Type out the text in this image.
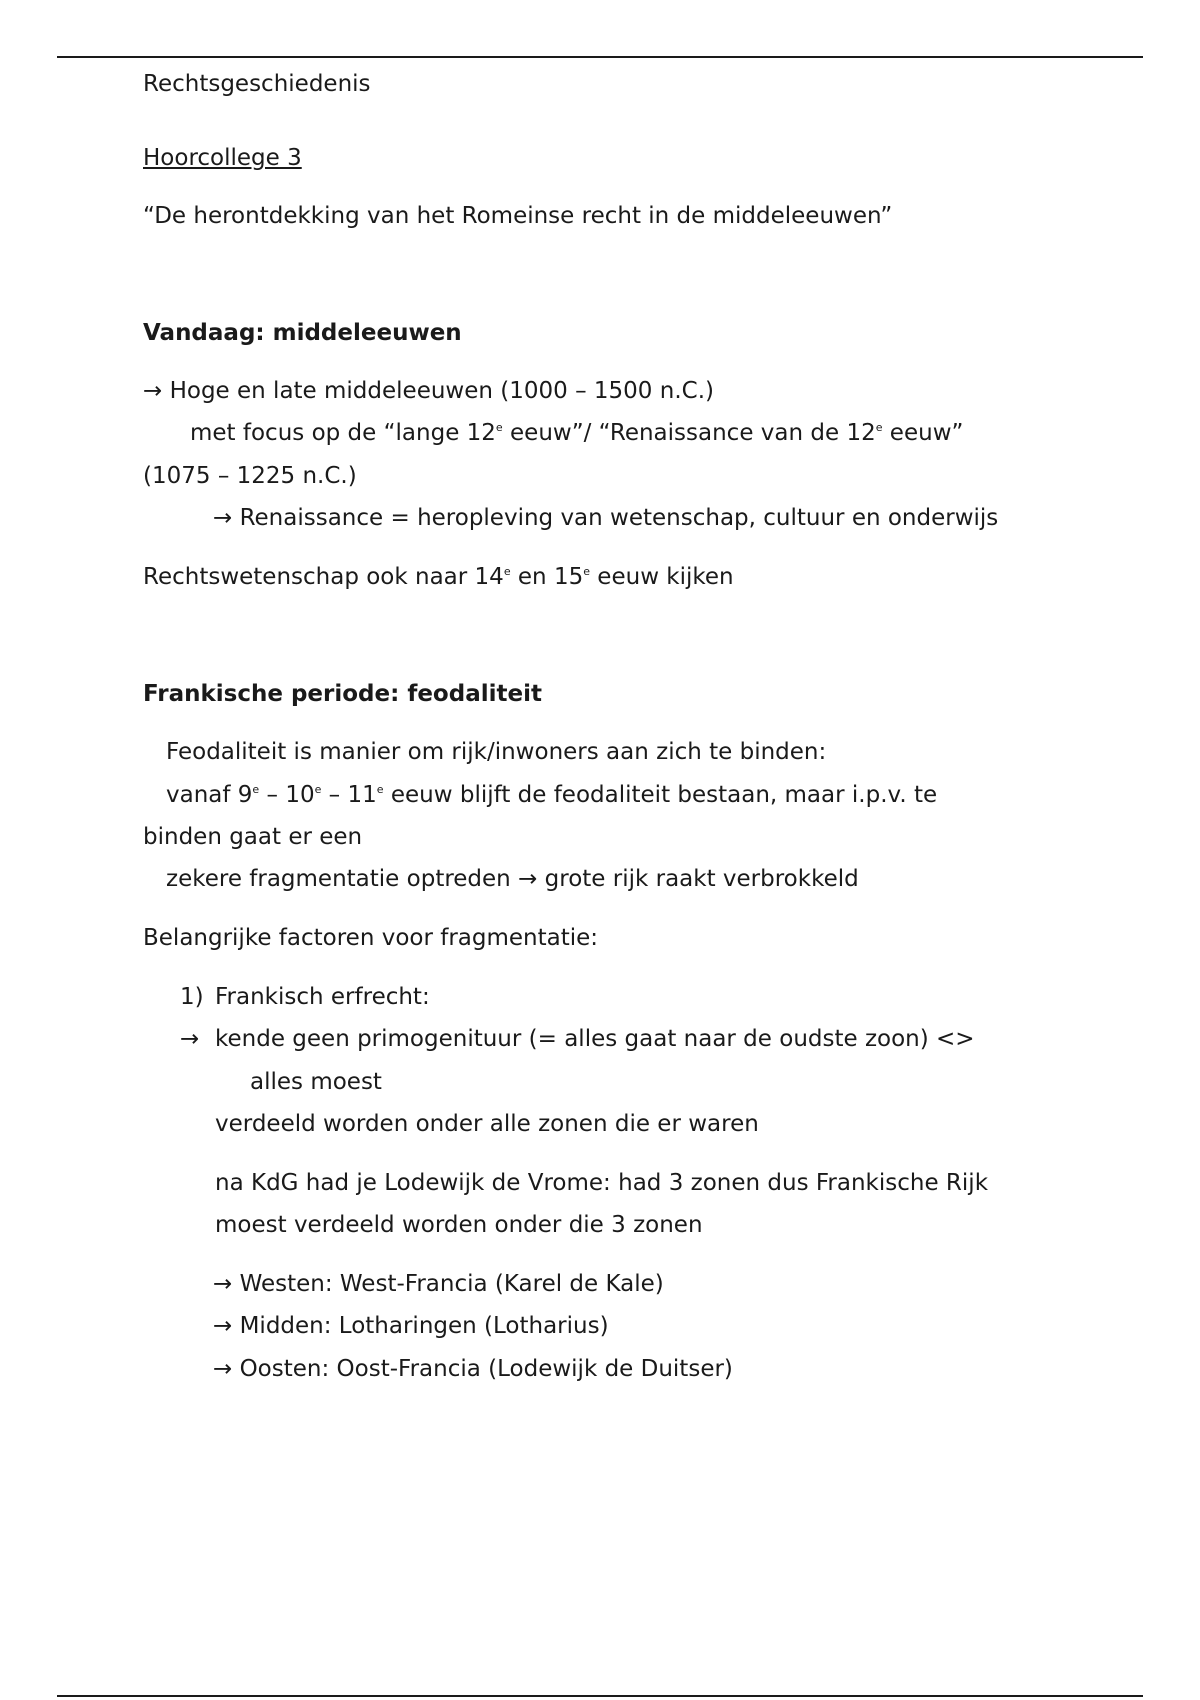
Rechtsgeschiedenis
Hoorcollege 3
“De herontdekking van het Romeinse recht in de middeleeuwen”
Vandaag: middeleeuwen
→ Hoge en late middeleeuwen (1000 – 1500 n.C.)
met focus op de “lange 12e eeuw”/ “Renaissance van de 12e eeuw”
(1075 – 1225 n.C.)
→ Renaissance = heropleving van wetenschap, cultuur en onderwijs
Rechtswetenschap ook naar 14e en 15e eeuw kijken
Frankische periode: feodaliteit
Feodaliteit is manier om rijk/inwoners aan zich te binden:
vanaf 9e – 10e – 11e eeuw blijft de feodaliteit bestaan, maar i.p.v. te
binden gaat er een
zekere fragmentatie optreden → grote rijk raakt verbrokkeld
Belangrijke factoren voor fragmentatie:
1) Frankisch erfrecht:
→ kende geen primogenituur (= alles gaat naar de oudste zoon) <>
alles moest
verdeeld worden onder alle zonen die er waren
na KdG had je Lodewijk de Vrome: had 3 zonen dus Frankische Rijk
moest verdeeld worden onder die 3 zonen
→ Westen: West-Francia (Karel de Kale)
→ Midden: Lotharingen (Lotharius)
→ Oosten: Oost-Francia (Lodewijk de Duitser)
